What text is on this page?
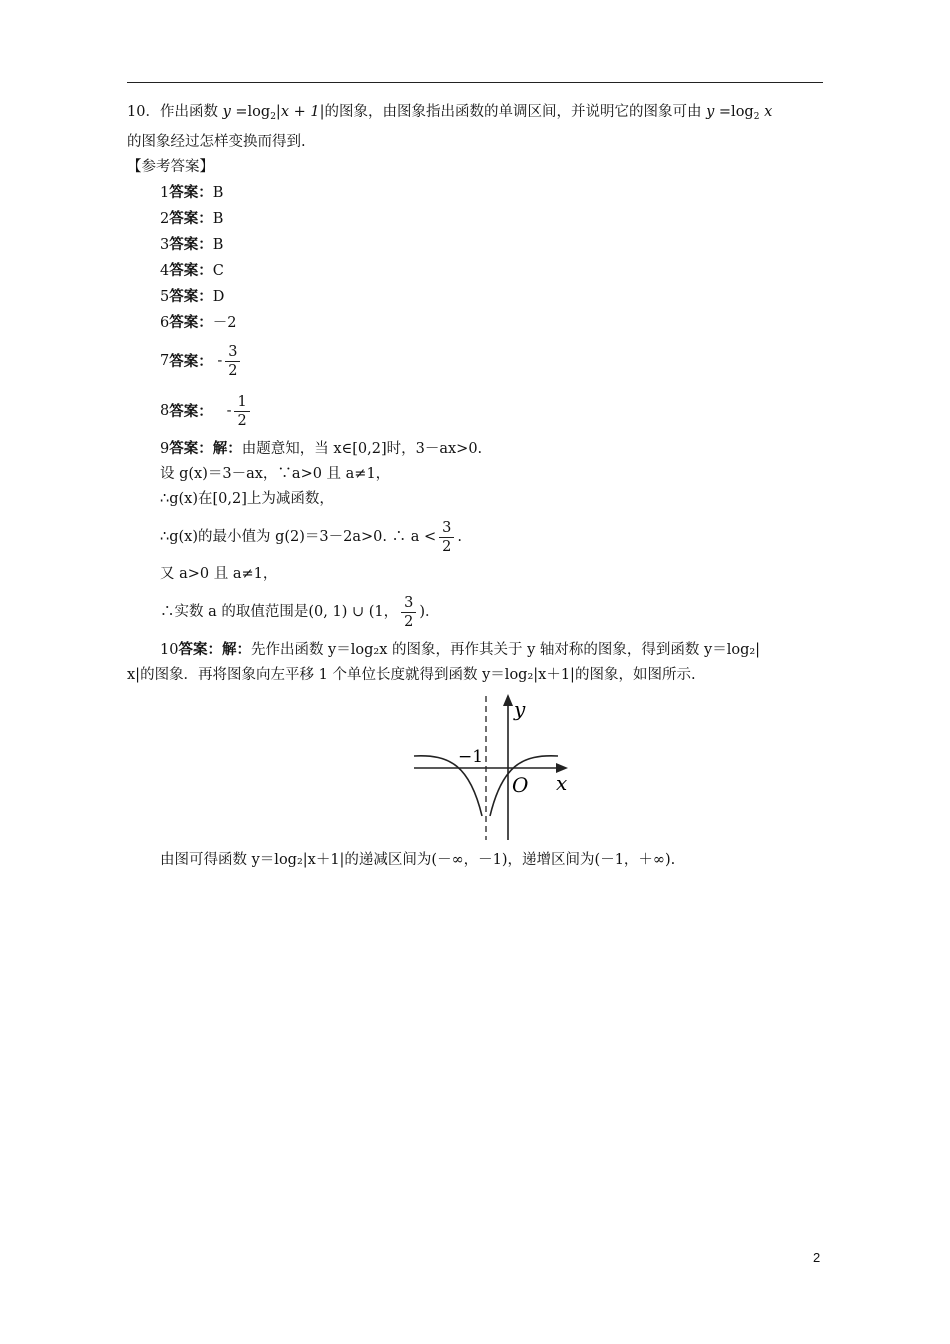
10．作出函数 $y =\log_2|x + 1|$的图象，由图象指出函数的单调区间，并说明它的图象可由 $y =\log_2$ x
的图象经过怎样变换而得到.
【参考答案】
1答案：B
2答案：B
3答案：B
4答案：C
5答案：D
6答案：－2
7 答案：
- $\frac{3}{2}$
8 答案：
- $\frac{1}{2}$
9答案：解：由题意知，当 x∈[0,2]时，3－ax>0.
设 g(x)＝3－ax，∵a>0 且 a≠1，
∴g(x)在[0,2]上为减函数，
∴g(x)的最小值为 g(2)＝3－2a>0. ∴ $a < \frac{3}{2}$ .
又 a>0 且 a≠1，
∴实数 a 的取值范围是(0, 1) ∪ (1， $\frac{3}{2}$ )．
10答案：解：先作出函数 y＝log₂x 的图象，再作其关于 y 轴对称的图象，得到函数 y＝log₂|
x|的图象．再将图象向左平移 1 个单位长度就得到函数 y＝log₂|x＋1|的图象，如图所示.
y
x
O
−1
由图可得函数 y＝log₂|x＋1|的递减区间为(－∞，－1)，递增区间为(－1，＋∞).
2
